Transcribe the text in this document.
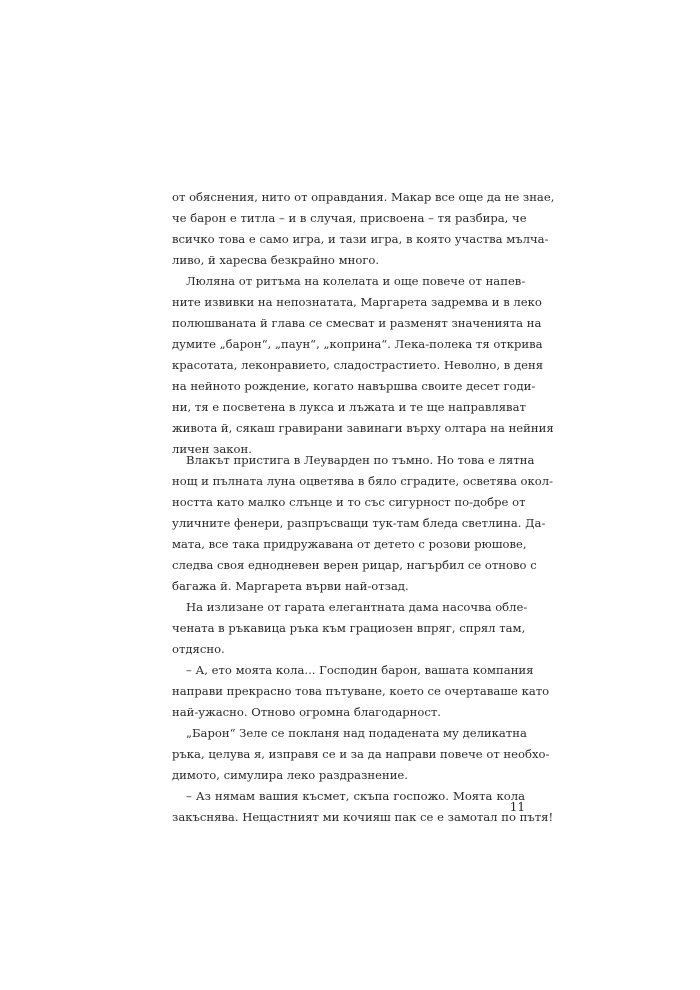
от обяснения, нито от оправдания. Макар все още да не знае,
че барон е титла – и в случая, присвоена – тя разбира, че
всичко това е само игра, и тази игра, в която участва мълча-
ливо, й харесва безкрайно много.

Люляна от ритъма на колелата и още повече от напев-
ните извивки на непознатата, Маргарета задремва и в леко
полюшваната й глава се смесват и разменят значенията на
думите „барон“, „паун“, „коприна“. Лека-полека тя открива
красотата, леконравието, сладострастието. Неволно, в деня
на нейното рождение, когато навършва своите десет годи-
ни, тя е посветена в лукса и лъжата и те ще направляват
живота й, сякаш гравирани завинаги върху олтара на нейния
личен закон.

Влакът пристига в Леуварден по тъмно. Но това е лятна
нощ и пълната луна оцветява в бяло сградите, осветява окол-
ността като малко слънце и то със сигурност по-добре от
уличните фенери, разпръсващи тук-там бледа светлина. Да-
мата, все така придружавана от детето с розови рюшове,
следва своя еднодневен верен рицар, нагърбил се отново с
багажа й. Маргарета върви най-отзад.

На излизане от гарата елегантната дама насочва обле-
чената в ръкавица ръка към грациозен впряг, спрял там,
отдясно.

– А, ето моята кола... Господин барон, вашата компания
направи прекрасно това пътуване, което се очертаваше като
най-ужасно. Отново огромна благодарност.

„Барон“ Зеле се покланя над подадената му деликатна
ръка, целува я, изправя се и за да направи повече от необхо-
димото, симулира леко раздразнение.

– Аз нямам вашия късмет, скъпа госпожо. Моята кола
закъснява. Нещастният ми кочияш пак се е замотал по пътя!

11
